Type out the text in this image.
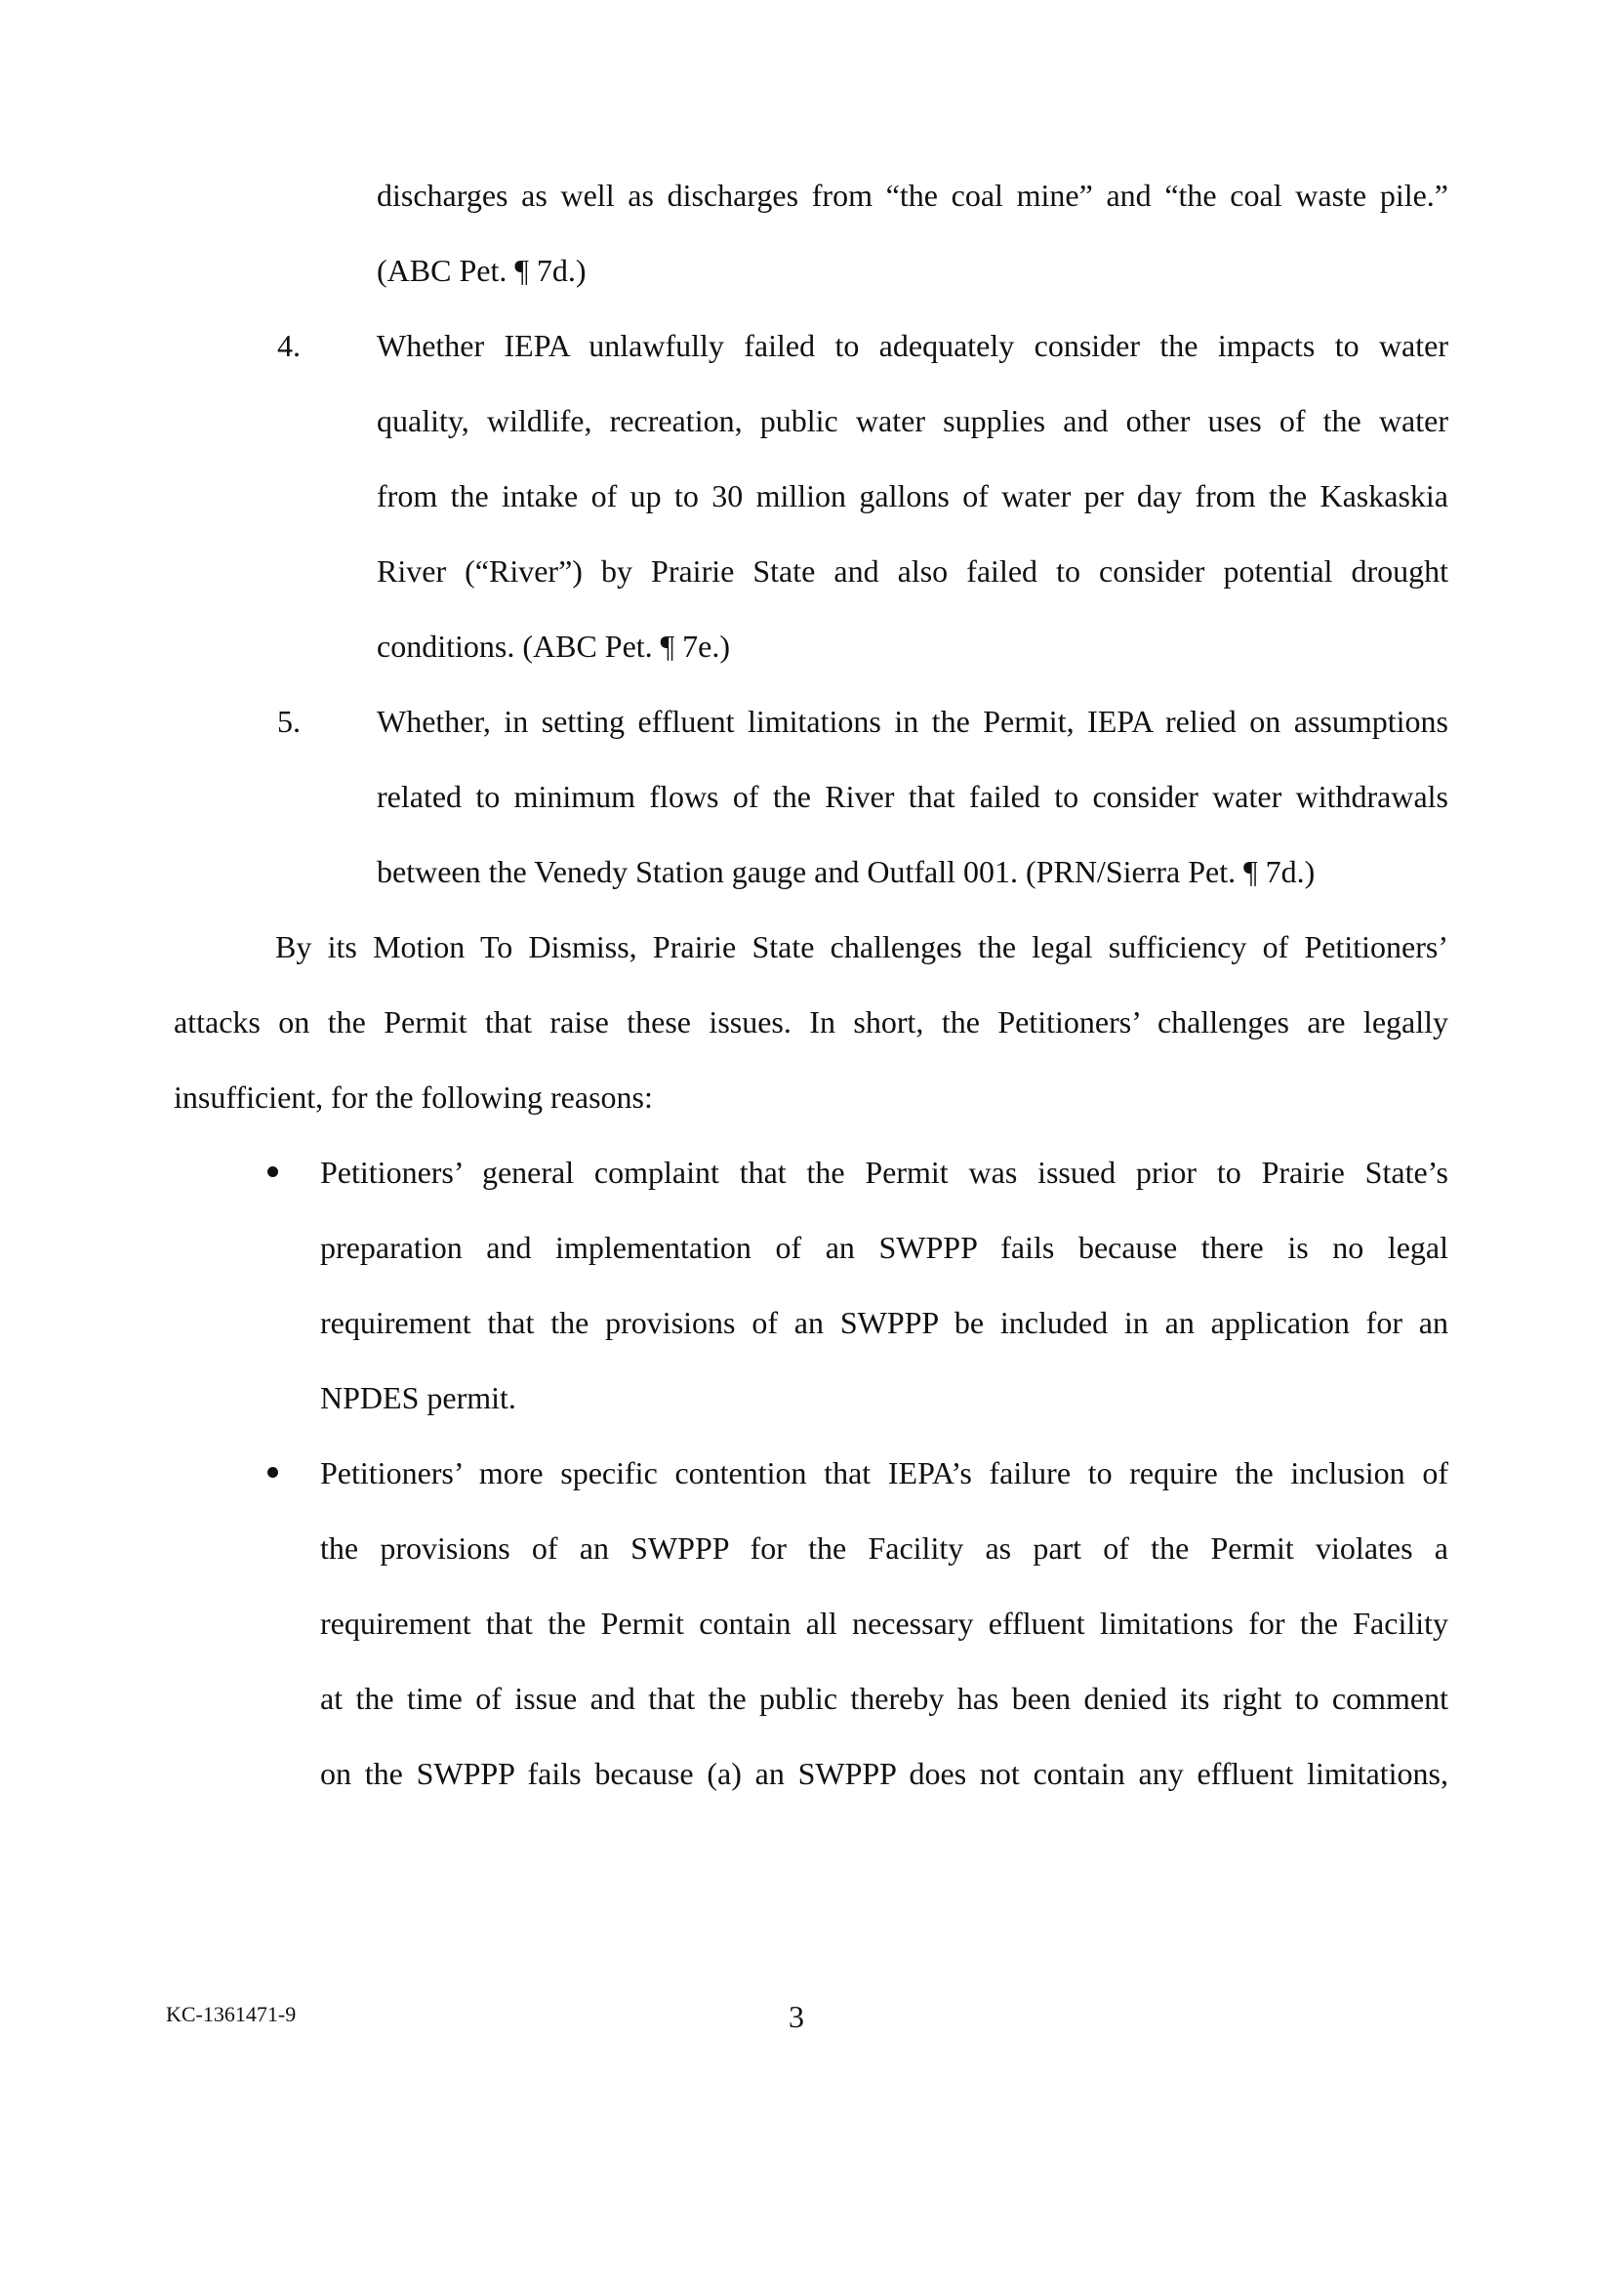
discharges as well as discharges from “the coal mine” and “the coal waste pile.”
(ABC Pet. ¶ 7d.)
4. Whether IEPA unlawfully failed to adequately consider the impacts to water
quality, wildlife, recreation, public water supplies and other uses of the water
from the intake of up to 30 million gallons of water per day from the Kaskaskia
River (“River”) by Prairie State and also failed to consider potential drought
conditions. (ABC Pet. ¶ 7e.)
5. Whether, in setting effluent limitations in the Permit, IEPA relied on assumptions
related to minimum flows of the River that failed to consider water withdrawals
between the Venedy Station gauge and Outfall 001. (PRN/Sierra Pet. ¶ 7d.)
By its Motion To Dismiss, Prairie State challenges the legal sufficiency of Petitioners’
attacks on the Permit that raise these issues. In short, the Petitioners’ challenges are legally
insufficient, for the following reasons:
Petitioners’ general complaint that the Permit was issued prior to Prairie State’s
preparation and implementation of an SWPPP fails because there is no legal
requirement that the provisions of an SWPPP be included in an application for an
NPDES permit.
Petitioners’ more specific contention that IEPA’s failure to require the inclusion of
the provisions of an SWPPP for the Facility as part of the Permit violates a
requirement that the Permit contain all necessary effluent limitations for the Facility
at the time of issue and that the public thereby has been denied its right to comment
on the SWPPP fails because (a) an SWPPP does not contain any effluent limitations,
KC-1361471-9	3
